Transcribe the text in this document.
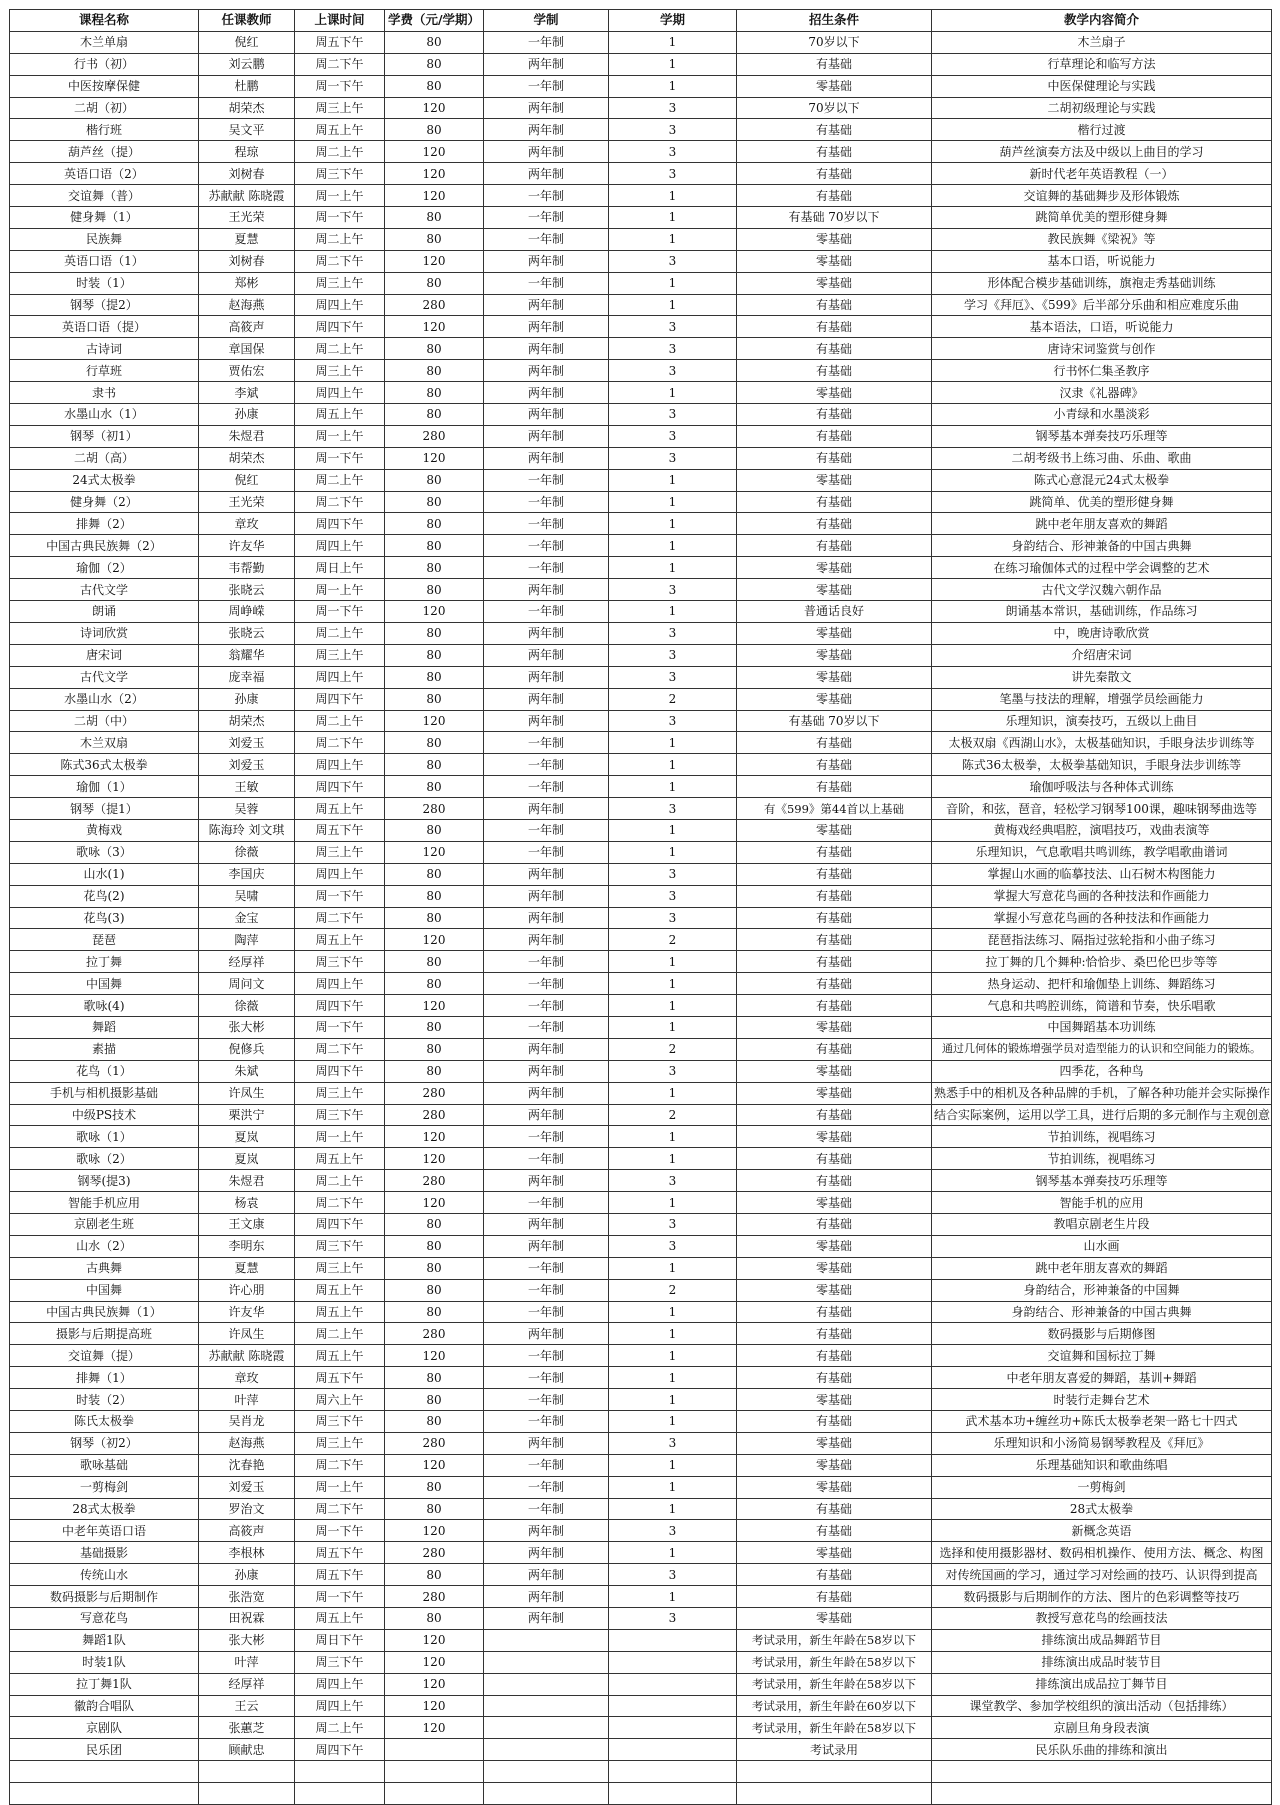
课程名称	任课教师	上课时间	学费（元/学期）	学制	学期	招生条件	教学内容简介
木兰单扇	倪红	周五下午	80	一年制	1	70岁以下	木兰扇子
行书（初）	刘云鹏	周二下午	80	两年制	1	有基础	行草理论和临写方法
中医按摩保健	杜鹏	周一下午	80	一年制	1	零基础	中医保健理论与实践
二胡（初）	胡荣杰	周三上午	120	两年制	3	70岁以下	二胡初级理论与实践
楷行班	吴文平	周五上午	80	两年制	3	有基础	楷行过渡
葫芦丝（提）	程琼	周二上午	120	两年制	3	有基础	葫芦丝演奏方法及中级以上曲目的学习
英语口语（2）	刘树春	周三下午	120	两年制	3	有基础	新时代老年英语教程（一）
交谊舞（普）	苏献献 陈晓霞	周一上午	120	一年制	1	有基础	交谊舞的基础舞步及形体锻炼
健身舞（1）	王光荣	周一下午	80	一年制	1	有基础 70岁以下	跳简单优美的塑形健身舞
民族舞	夏慧	周二上午	80	一年制	1	零基础	教民族舞《梁祝》等
英语口语（1）	刘树春	周二下午	120	两年制	3	零基础	基本口语，听说能力
时装（1）	郑彬	周三上午	80	一年制	1	零基础	形体配合模步基础训练，旗袍走秀基础训练
钢琴（提2）	赵海燕	周四上午	280	两年制	1	有基础	学习《拜厄》、《599》后半部分乐曲和相应难度乐曲
英语口语（提）	高筱声	周四下午	120	两年制	3	有基础	基本语法，口语，听说能力
古诗词	章国保	周二上午	80	两年制	3	有基础	唐诗宋词鉴赏与创作
行草班	贾佑宏	周三上午	80	两年制	3	有基础	行书怀仁集圣教序
隶书	李斌	周四上午	80	两年制	1	零基础	汉隶《礼器碑》
水墨山水（1）	孙康	周五上午	80	两年制	3	有基础	小青绿和水墨淡彩
钢琴（初1）	朱煜君	周一上午	280	两年制	3	有基础	钢琴基本弹奏技巧乐理等
二胡（高）	胡荣杰	周一下午	120	两年制	3	有基础	二胡考级书上练习曲、乐曲、歌曲
24式太极拳	倪红	周二上午	80	一年制	1	零基础	陈式心意混元24式太极拳
健身舞（2）	王光荣	周二下午	80	一年制	1	有基础	跳简单、优美的塑形健身舞
排舞（2）	章玫	周四下午	80	一年制	1	有基础	跳中老年朋友喜欢的舞蹈
中国古典民族舞（2）	许友华	周四上午	80	一年制	1	有基础	身韵结合、形神兼备的中国古典舞
瑜伽（2）	韦帮勤	周日上午	80	一年制	1	零基础	在练习瑜伽体式的过程中学会调整的艺术
古代文学	张晓云	周一上午	80	两年制	3	零基础	古代文学汉魏六朝作品
朗诵	周峥嵘	周一下午	120	一年制	1	普通话良好	朗诵基本常识，基础训练，作品练习
诗词欣赏	张晓云	周二上午	80	两年制	3	零基础	中，晚唐诗歌欣赏
唐宋词	翁耀华	周三上午	80	两年制	3	零基础	介绍唐宋词
古代文学	庞幸福	周四上午	80	两年制	3	零基础	讲先秦散文
水墨山水（2）	孙康	周四下午	80	两年制	2	零基础	笔墨与技法的理解，增强学员绘画能力
二胡（中）	胡荣杰	周二上午	120	两年制	3	有基础 70岁以下	乐理知识，演奏技巧，五级以上曲目
木兰双扇	刘爱玉	周二下午	80	一年制	1	有基础	太极双扇《西湖山水》，太极基础知识，手眼身法步训练等
陈式36式太极拳	刘爱玉	周四上午	80	一年制	1	有基础	陈式36太极拳，太极拳基础知识，手眼身法步训练等
瑜伽（1）	王敏	周四下午	80	一年制	1	有基础	瑜伽呼吸法与各种体式训练
钢琴（提1）	吴蓉	周五上午	280	两年制	3	有《599》第44首以上基础	音阶，和弦，琶音，轻松学习钢琴100课，趣味钢琴曲选等
黄梅戏	陈海玲 刘文琪	周五下午	80	一年制	1	零基础	黄梅戏经典唱腔，演唱技巧，戏曲表演等
歌咏（3）	徐薇	周三上午	120	一年制	1	有基础	乐理知识，气息歌唱共鸣训练，教学唱歌曲谱词
山水(1)	李国庆	周四上午	80	两年制	3	有基础	掌握山水画的临摹技法、山石树木构图能力
花鸟(2)	吴啸	周一下午	80	两年制	3	有基础	掌握大写意花鸟画的各种技法和作画能力
花鸟(3)	金宝	周二下午	80	两年制	3	有基础	掌握小写意花鸟画的各种技法和作画能力
琵琶	陶萍	周五上午	120	两年制	2	有基础	琵琶指法练习、隔指过弦轮指和小曲子练习
拉丁舞	经厚祥	周三下午	80	一年制	1	有基础	拉丁舞的几个舞种:恰恰步、桑巴伦巴步等等
中国舞	周问文	周四上午	80	一年制	1	有基础	热身运动、把杆和瑜伽垫上训练、舞蹈练习
歌咏(4)	徐薇	周四下午	120	一年制	1	有基础	气息和共鸣腔训练，简谱和节奏，快乐唱歌
舞蹈	张大彬	周一下午	80	一年制	1	零基础	中国舞蹈基本功训练
素描	倪修兵	周二下午	80	两年制	2	有基础	通过几何体的锻炼增强学员对造型能力的认识和空间能力的锻炼。
花鸟（1）	朱斌	周四下午	80	两年制	3	零基础	四季花，各种鸟
手机与相机摄影基础	许凤生	周三上午	280	两年制	1	零基础	熟悉手中的相机及各种品牌的手机，了解各种功能并会实际操作
中级PS技术	栗洪宁	周三下午	280	两年制	2	有基础	结合实际案例，运用以学工具，进行后期的多元制作与主观创意
歌咏（1）	夏岚	周一上午	120	一年制	1	零基础	节拍训练，视唱练习
歌咏（2）	夏岚	周五上午	120	一年制	1	有基础	节拍训练，视唱练习
钢琴(提3)	朱煜君	周二上午	280	两年制	3	有基础	钢琴基本弹奏技巧乐理等
智能手机应用	杨袁	周二下午	120	一年制	1	零基础	智能手机的应用
京剧老生班	王文康	周四下午	80	两年制	3	有基础	教唱京剧老生片段
山水（2）	李明东	周三下午	80	两年制	3	零基础	山水画
古典舞	夏慧	周三上午	80	一年制	1	零基础	跳中老年朋友喜欢的舞蹈
中国舞	许心朋	周五上午	80	一年制	2	零基础	身韵结合，形神兼备的中国舞
中国古典民族舞（1）	许友华	周五上午	80	一年制	1	有基础	身韵结合、形神兼备的中国古典舞
摄影与后期提高班	许凤生	周二上午	280	两年制	1	有基础	数码摄影与后期修图
交谊舞（提）	苏献献 陈晓霞	周五上午	120	一年制	1	有基础	交谊舞和国标拉丁舞
排舞（1）	章玫	周五下午	80	一年制	1	有基础	中老年朋友喜爱的舞蹈，基训+舞蹈
时装（2）	叶萍	周六上午	80	一年制	1	零基础	时装行走舞台艺术
陈氏太极拳	吴肖龙	周三下午	80	一年制	1	有基础	武术基本功+缠丝功+陈氏太极拳老架一路七十四式
钢琴（初2）	赵海燕	周三上午	280	两年制	3	零基础	乐理知识和小汤简易钢琴教程及《拜厄》
歌咏基础	沈春艳	周二下午	120	一年制	1	零基础	乐理基础知识和歌曲练唱
一剪梅剑	刘爱玉	周一上午	80	一年制	1	零基础	一剪梅剑
28式太极拳	罗治文	周二下午	80	一年制	1	有基础	28式太极拳
中老年英语口语	高筱声	周一下午	120	两年制	3	有基础	新概念英语
基础摄影	李根林	周五下午	280	两年制	1	零基础	选择和使用摄影器材、数码相机操作、使用方法、概念、构图
传统山水	孙康	周五下午	80	两年制	3	有基础	对传统国画的学习，通过学习对绘画的技巧、认识得到提高
数码摄影与后期制作	张浩宽	周一下午	280	两年制	1	有基础	数码摄影与后期制作的方法、图片的色彩调整等技巧
写意花鸟	田祝霖	周五上午	80	两年制	3	零基础	教授写意花鸟的绘画技法
舞蹈1队	张大彬	周日下午	120			考试录用，新生年龄在58岁以下	排练演出成品舞蹈节目
时装1队	叶萍	周三下午	120			考试录用，新生年龄在58岁以下	排练演出成品时装节目
拉丁舞1队	经厚祥	周四上午	120			考试录用，新生年龄在58岁以下	排练演出成品拉丁舞节目
徽韵合唱队	王云	周四上午	120			考试录用，新生年龄在60岁以下	课堂教学、参加学校组织的演出活动（包括排练）
京剧队	张蕙芝	周二上午	120			考试录用，新生年龄在58岁以下	京剧旦角身段表演
民乐团	顾献忠	周四下午				考试录用	民乐队乐曲的排练和演出
